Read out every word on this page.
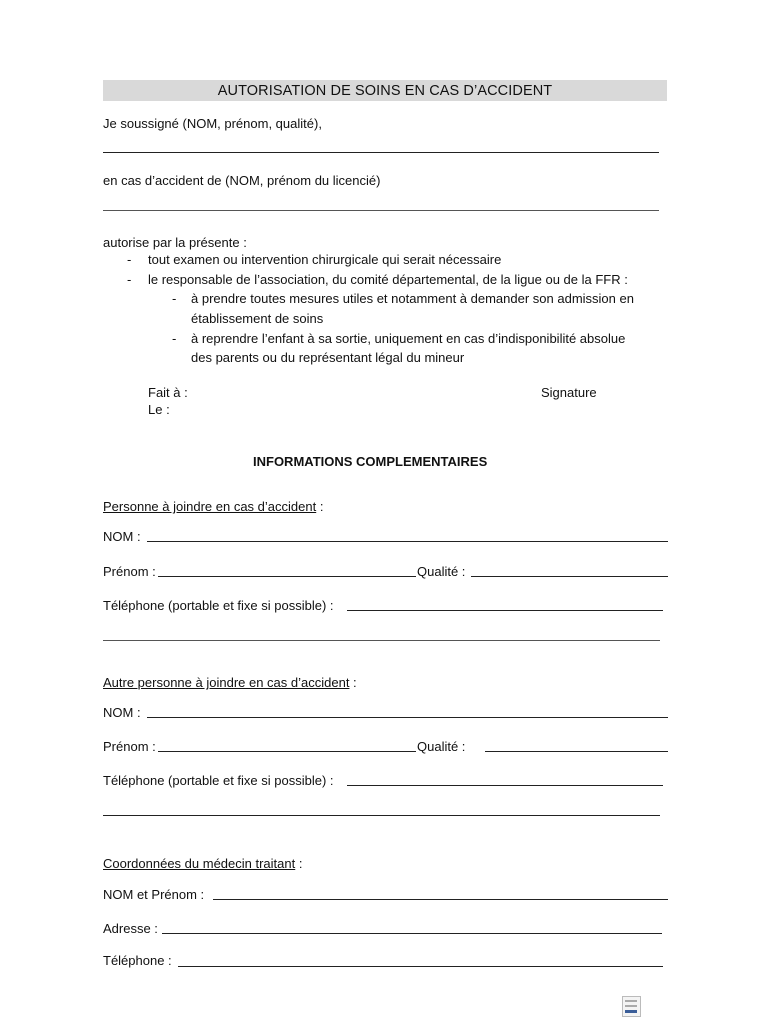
AUTORISATION DE SOINS EN CAS D’ACCIDENT
Je soussigné (NOM, prénom, qualité),
en cas d’accident de (NOM, prénom du licencié)
autorise par la présente :
- tout examen ou intervention chirurgicale qui serait nécessaire
- le responsable de l’association, du comité départemental, de la ligue ou de la FFR :
- à prendre toutes mesures utiles et notamment à demander son admission en
établissement de soins
- à reprendre l’enfant à sa sortie, uniquement en cas d’indisponibilité absolue
des parents ou du représentant légal du mineur
Fait à :
Le :
Signature
INFORMATIONS COMPLEMENTAIRES
Personne à joindre en cas d’accident :
NOM :
Prénom :	Qualité :
Téléphone (portable et fixe si possible) :
Autre personne à joindre en cas d’accident :
NOM :
Prénom :	Qualité :
Téléphone (portable et fixe si possible) :
Coordonnées du médecin traitant :
NOM et Prénom :
Adresse :
Téléphone :
